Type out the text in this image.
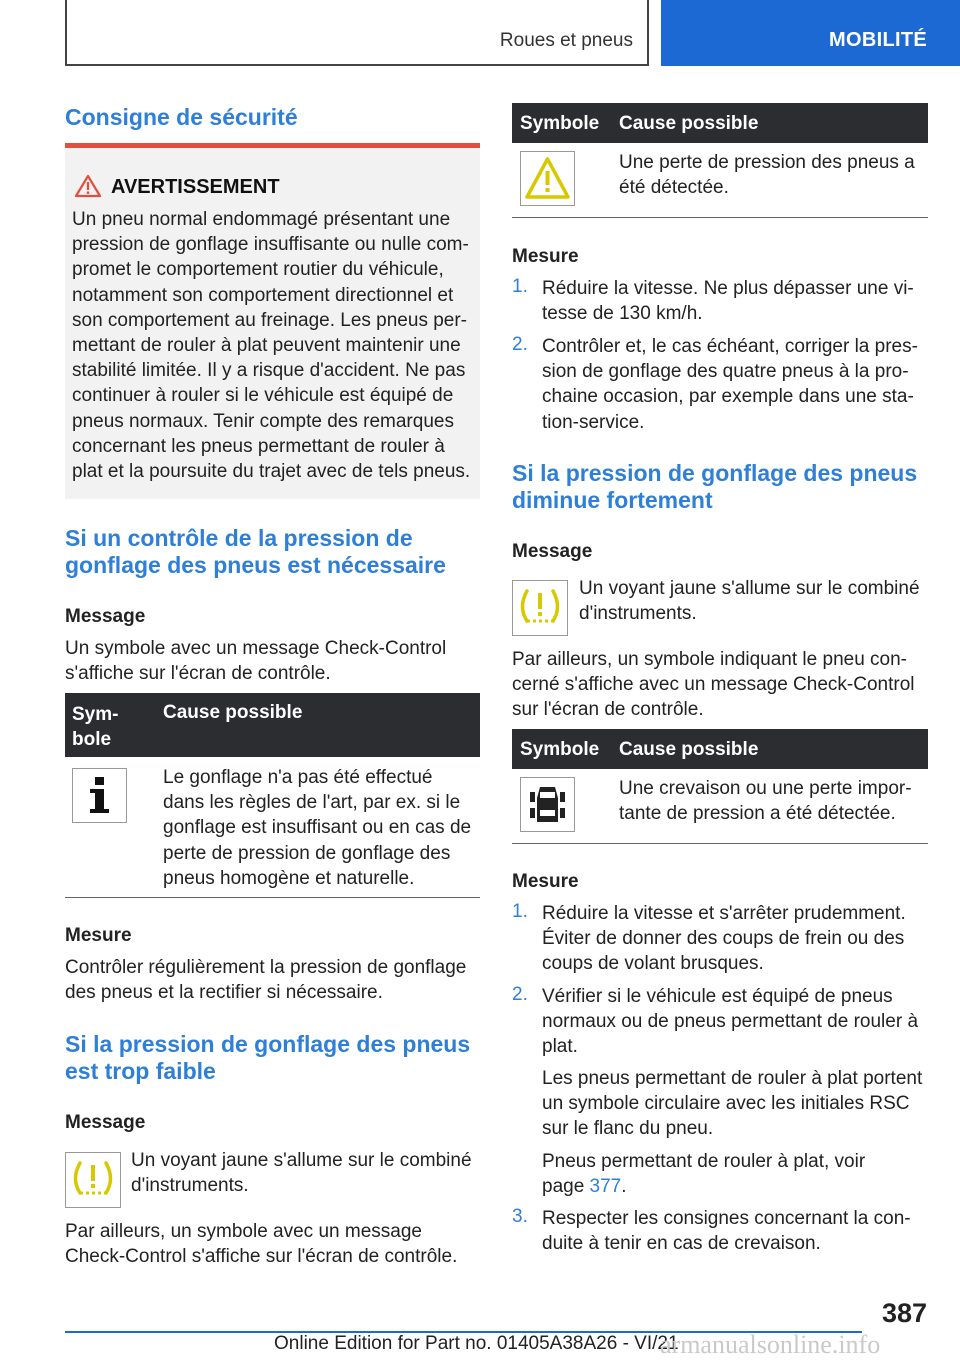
Roues et pneus	MOBILITÉ
Consigne de sécurité
AVERTISSEMENT
Un pneu normal endommagé présentant une
pression de gonflage insuffisante ou nulle com-
promet le comportement routier du véhicule,
notamment son comportement directionnel et
son comportement au freinage. Les pneus per-
mettant de rouler à plat peuvent maintenir une
stabilité limitée. Il y a risque d'accident. Ne pas
continuer à rouler si le véhicule est équipé de
pneus normaux. Tenir compte des remarques
concernant les pneus permettant de rouler à
plat et la poursuite du trajet avec de tels pneus.
Si un contrôle de la pression de
gonflage des pneus est nécessaire
Message
Un symbole avec un message Check-Control
s'affiche sur l'écran de contrôle.
Sym-
bole
Cause possible
Le gonflage n'a pas été effectué
dans les règles de l'art, par ex. si le
gonflage est insuffisant ou en cas de
perte de pression de gonflage des
pneus homogène et naturelle.
Mesure
Contrôler régulièrement la pression de gonflage
des pneus et la rectifier si nécessaire.
Si la pression de gonflage des pneus
est trop faible
Message
Un voyant jaune s'allume sur le combiné
d'instruments.
Par ailleurs, un symbole avec un message
Check-Control s'affiche sur l'écran de contrôle.
Symbole Cause possible
Une perte de pression des pneus a
été détectée.
Mesure
1. Réduire la vitesse. Ne plus dépasser une vi-
tesse de 130 km/h.
2. Contrôler et, le cas échéant, corriger la pres-
sion de gonflage des quatre pneus à la pro-
chaine occasion, par exemple dans une sta-
tion-service.
Si la pression de gonflage des pneus
diminue fortement
Message
Un voyant jaune s'allume sur le combiné
d'instruments.
Par ailleurs, un symbole indiquant le pneu con-
cerné s'affiche avec un message Check-Control
sur l'écran de contrôle.
Symbole Cause possible
Une crevaison ou une perte impor-
tante de pression a été détectée.
Mesure
1. Réduire la vitesse et s'arrêter prudemment.
Éviter de donner des coups de frein ou des
coups de volant brusques.
2. Vérifier si le véhicule est équipé de pneus
normaux ou de pneus permettant de rouler à
plat.
Les pneus permettant de rouler à plat portent
un symbole circulaire avec les initiales RSC
sur le flanc du pneu.
Pneus permettant de rouler à plat, voir
page 377.
3. Respecter les consignes concernant la con-
duite à tenir en cas de crevaison.
387
Online Edition for Part no. 01405A38A26 - VI/21
armanualsonline.info
